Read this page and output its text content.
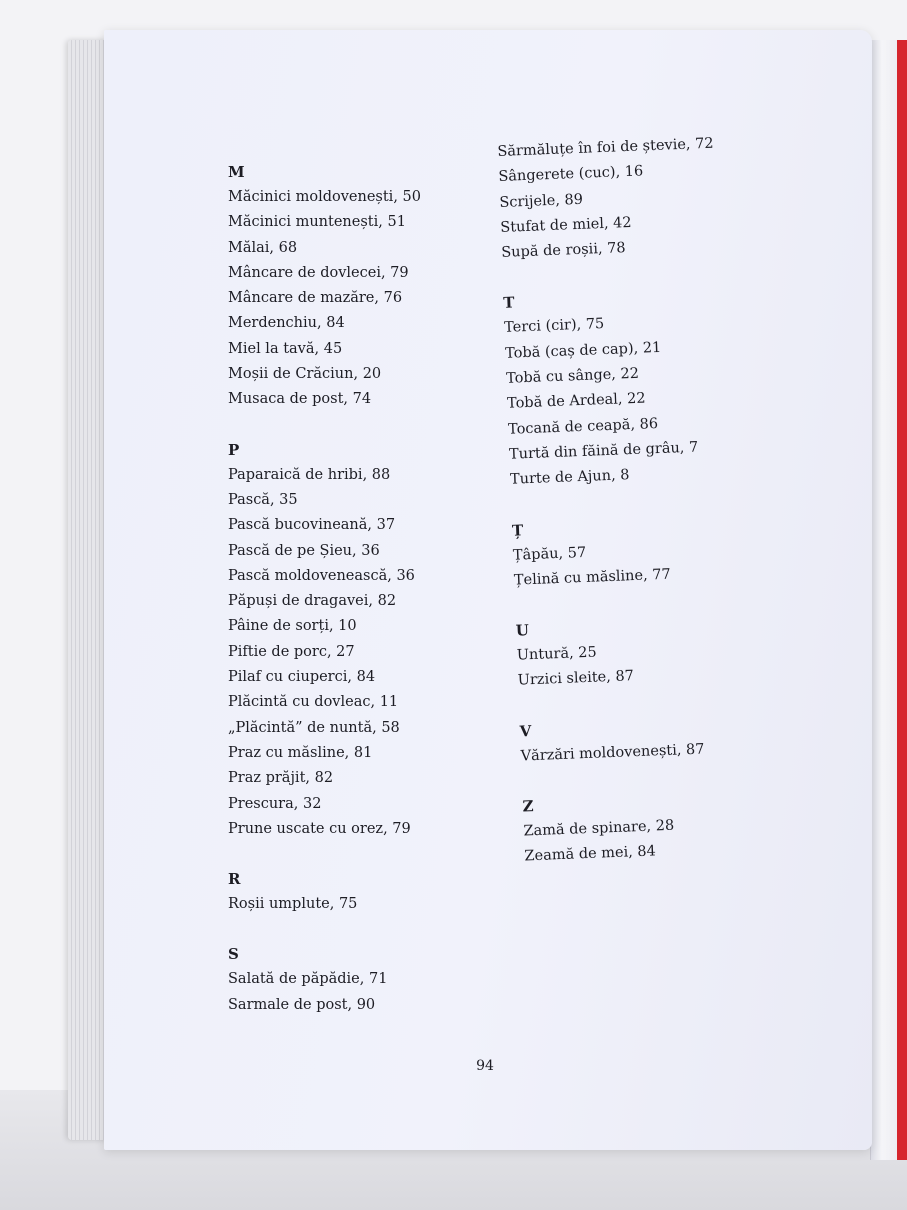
M
Măcinici moldovenești, 50
Măcinici muntenești, 51
Mălai, 68
Mâncare de dovlecei, 79
Mâncare de mazăre, 76
Merdenchiu, 84
Miel la tavă, 45
Moșii de Crăciun, 20
Musaca de post, 74
P
Paparaică de hribi, 88
Pască, 35
Pască bucovineană, 37
Pască de pe Șieu, 36
Pască moldovenească, 36
Păpuși de dragavei, 82
Pâine de sorți, 10
Piftie de porc, 27
Pilaf cu ciuperci, 84
Plăcintă cu dovleac, 11
„Plăcintă” de nuntă, 58
Praz cu măsline, 81
Praz prăjit, 82
Prescura, 32
Prune uscate cu orez, 79
R
Roșii umplute, 75
S
Salată de păpădie, 71
Sarmale de post, 90
Sărmăluțe în foi de ștevie, 72
Sângerete (cuc), 16
Scrijele, 89
Stufat de miel, 42
Supă de roșii, 78
T
Terci (cir), 75
Tobă (caș de cap), 21
Tobă cu sânge, 22
Tobă de Ardeal, 22
Tocană de ceapă, 86
Turtă din făină de grâu, 7
Turte de Ajun, 8
Ț
Țâpău, 57
Țelină cu măsline, 77
U
Untură, 25
Urzici sleite, 87
V
Vărzări moldovenești, 87
Z
Zamă de spinare, 28
Zeamă de mei, 84
94
